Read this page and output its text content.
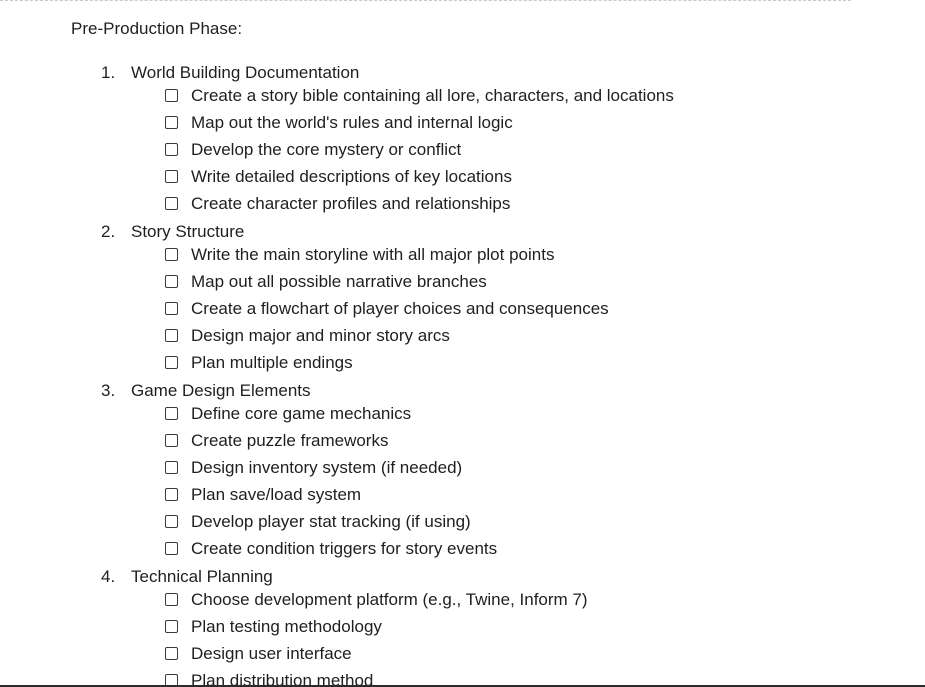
Pre-Production Phase:
1. World Building Documentation
Create a story bible containing all lore, characters, and locations
Map out the world's rules and internal logic
Develop the core mystery or conflict
Write detailed descriptions of key locations
Create character profiles and relationships
2. Story Structure
Write the main storyline with all major plot points
Map out all possible narrative branches
Create a flowchart of player choices and consequences
Design major and minor story arcs
Plan multiple endings
3. Game Design Elements
Define core game mechanics
Create puzzle frameworks
Design inventory system (if needed)
Plan save/load system
Develop player stat tracking (if using)
Create condition triggers for story events
4. Technical Planning
Choose development platform (e.g., Twine, Inform 7)
Plan testing methodology
Design user interface
Plan distribution method
